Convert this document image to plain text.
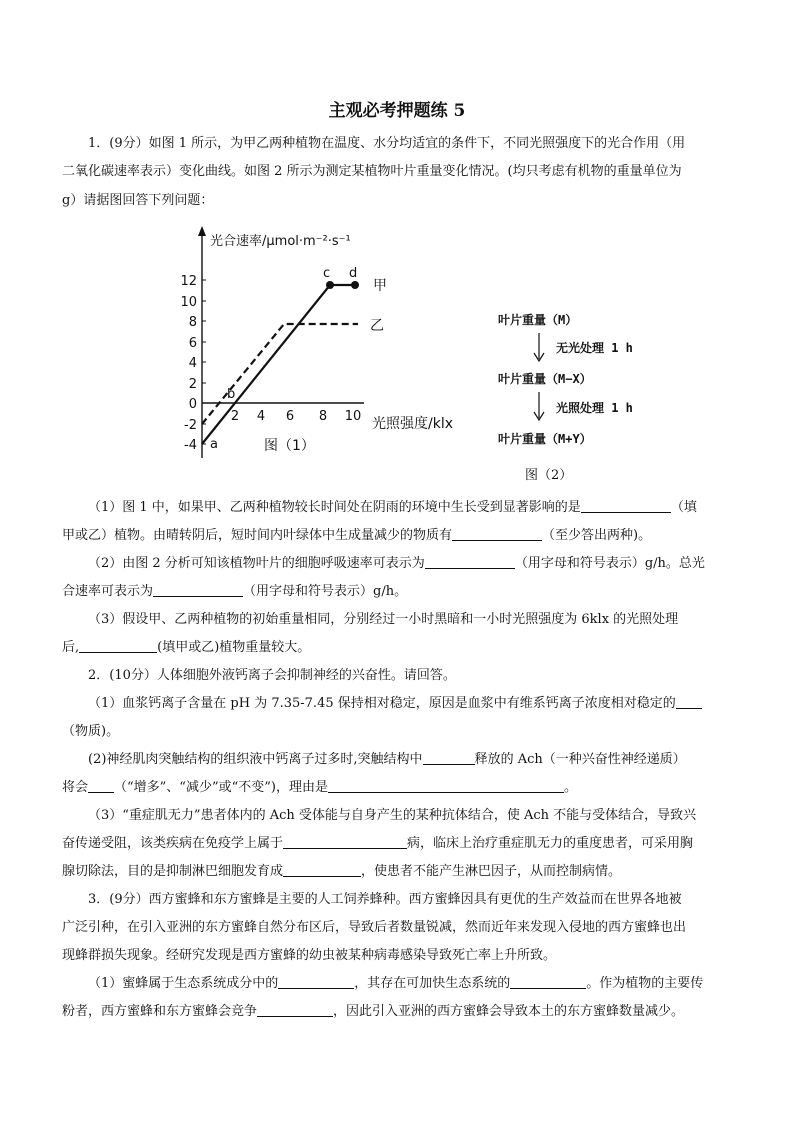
主观必考押题练 5
1．(9分）如图 1 所示，为甲乙两种植物在温度、水分均适宜的条件下，不同光照强度下的光合作用（用
二氧化碳速率表示）变化曲线。如图 2 所示为测定某植物叶片重量变化情况。(均只考虑有机物的重量单位为
g）请据图回答下列问题：
12
10
8
6
4
2
0
-2
-4
2 4 6 8 10
a
b
c d
甲
乙
光合速率/μmol·m⁻²·s⁻¹
图（1）
光照强度/klx
叶片重量（M）
无光处理 1 h
叶片重量（M−X）
光照处理 1 h
叶片重量（M+Y）
图（2）
（1）图 1 中，如果甲、乙两种植物较长时间处在阴雨的环境中生长受到显著影响的是	（填
甲或乙）植物。由晴转阴后，短时间内叶绿体中生成量减少的物质有	（至少答出两种)。
（2）由图 2 分析可知该植物叶片的细胞呼吸速率可表示为	（用字母和符号表示）g/h。总光
合速率可表示为	（用字母和符号表示）g/h。
（3）假设甲、乙两种植物的初始重量相同，分别经过一小时黑暗和一小时光照强度为 6klx 的光照处理
后,	(填甲或乙)植物重量较大。
2．(10分）人体细胞外液钙离子会抑制神经的兴奋性。请回答。
（1）血浆钙离子含量在 pH 为 7.35-7.45 保持相对稳定，原因是血浆中有维系钙离子浓度相对稳定的
（物质)。
(2)神经肌肉突触结构的组织液中钙离子过多时,突触结构中	释放的 Ach（一种兴奋性神经递质）
将会 （“增多”、“减少”或“不变”)，理由是	。
（3）“重症肌无力”患者体内的 Ach 受体能与自身产生的某种抗体结合，使 Ach 不能与受体结合，导致兴
奋传递受阻，该类疾病在免疫学上属于	病，临床上治疗重症肌无力的重度患者，可采用胸
腺切除法，目的是抑制淋巴细胞发育成	，使患者不能产生淋巴因子，从而控制病情。
3．(9分）西方蜜蜂和东方蜜蜂是主要的人工饲养蜂种。西方蜜蜂因具有更优的生产效益而在世界各地被
广泛引种，在引入亚洲的东方蜜蜂自然分布区后，导致后者数量锐减，然而近年来发现入侵地的西方蜜蜂也出
现蜂群损失现象。经研究发现是西方蜜蜂的幼虫被某种病毒感染导致死亡率上升所致。
（1）蜜蜂属于生态系统成分中的	，其存在可加快生态系统的	。作为植物的主要传
粉者，西方蜜蜂和东方蜜蜂会竞争	，因此引入亚洲的西方蜜蜂会导致本土的东方蜜蜂数量减少。
